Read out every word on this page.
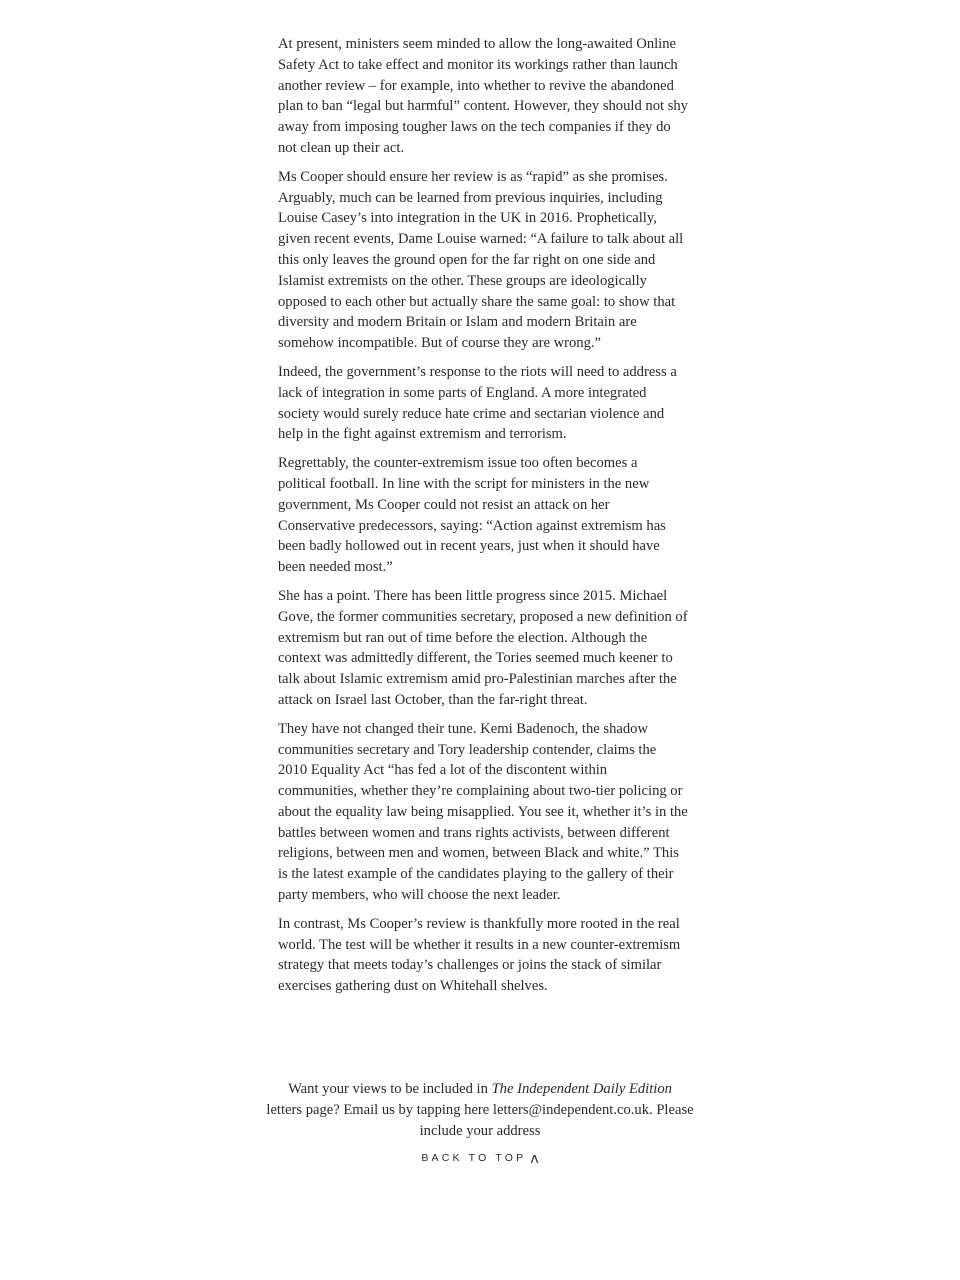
At present, ministers seem minded to allow the long-awaited Online Safety Act to take effect and monitor its workings rather than launch another review – for example, into whether to revive the abandoned plan to ban “legal but harmful” content. However, they should not shy away from imposing tougher laws on the tech companies if they do not clean up their act.

Ms Cooper should ensure her review is as “rapid” as she promises. Arguably, much can be learned from previous inquiries, including Louise Casey’s into integration in the UK in 2016. Prophetically, given recent events, Dame Louise warned: “A failure to talk about all this only leaves the ground open for the far right on one side and Islamist extremists on the other. These groups are ideologically opposed to each other but actually share the same goal: to show that diversity and modern Britain or Islam and modern Britain are somehow incompatible. But of course they are wrong.”

Indeed, the government’s response to the riots will need to address a lack of integration in some parts of England. A more integrated society would surely reduce hate crime and sectarian violence and help in the fight against extremism and terrorism.

Regrettably, the counter-extremism issue too often becomes a political football. In line with the script for ministers in the new government, Ms Cooper could not resist an attack on her Conservative predecessors, saying: “Action against extremism has been badly hollowed out in recent years, just when it should have been needed most.”

She has a point. There has been little progress since 2015. Michael Gove, the former communities secretary, proposed a new definition of extremism but ran out of time before the election. Although the context was admittedly different, the Tories seemed much keener to talk about Islamic extremism amid pro-Palestinian marches after the attack on Israel last October, than the far-right threat.

They have not changed their tune. Kemi Badenoch, the shadow communities secretary and Tory leadership contender, claims the 2010 Equality Act “has fed a lot of the discontent within communities, whether they’re complaining about two-tier policing or about the equality law being misapplied. You see it, whether it’s in the battles between women and trans rights activists, between different religions, between men and women, between Black and white.” This is the latest example of the candidates playing to the gallery of their party members, who will choose the next leader.

In contrast, Ms Cooper’s review is thankfully more rooted in the real world. The test will be whether it results in a new counter-extremism strategy that meets today’s challenges or joins the stack of similar exercises gathering dust on Whitehall shelves.

Want your views to be included in The Independent Daily Edition
letters page? Email us by tapping here letters@independent.co.uk. Please include your address
BACK TO TOP ʌ
